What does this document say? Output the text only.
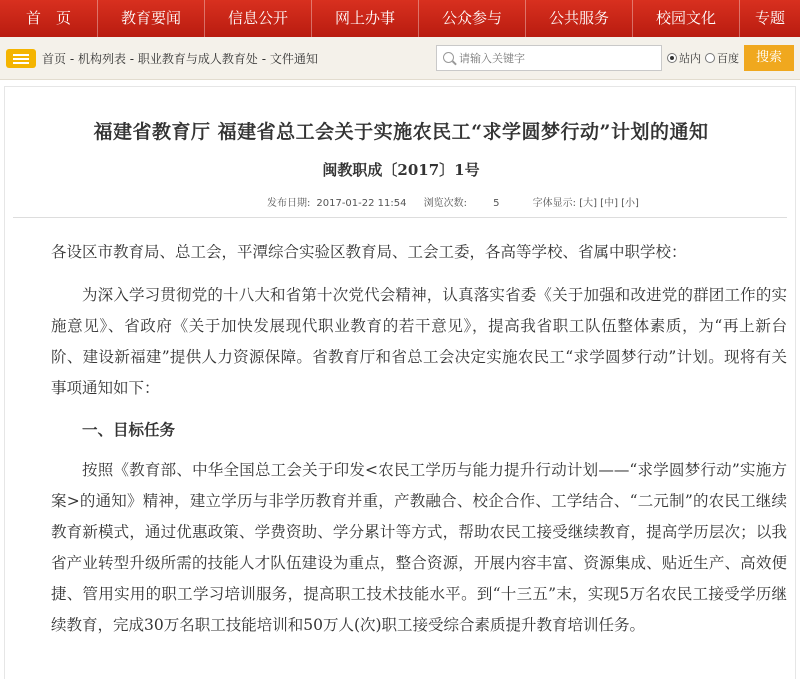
首　页	教育要闻	信息公开	网上办事	公众参与	公共服务	校园文化	专题
首页 - 机构列表 - 职业教育与成人教育处 - 文件通知
请输入关键字	站内 百度	搜索
福建省教育厅 福建省总工会关于实施农民工“求学圆梦行动”计划的通知
闽教职成〔2017〕1号
发布日期: 2017-01-22 11:54 浏览次数:	5	字体显示: [大] [中] [小]

各设区市教育局、总工会，平潭综合实验区教育局、工会工委，各高等学校、省属中职学校：

为深入学习贯彻党的十八大和省第十次党代会精神，认真落实省委《关于加强和改进党的群团工作的实施意见》、省政府《关于加快发展现代职业教育的若干意见》，提高我省职工队伍整体素质，为“再上新台阶、建设新福建”提供人力资源保障。省教育厅和省总工会决定实施农民工“求学圆梦行动”计划。现将有关事项通知如下：

一、目标任务

按照《教育部、中华全国总工会关于印发<农民工学历与能力提升行动计划——“求学圆梦行动”实施方案>的通知》精神，建立学历与非学历教育并重，产教融合、校企合作、工学结合、“二元制”的农民工继续教育新模式，通过优惠政策、学费资助、学分累计等方式，帮助农民工接受继续教育，提高学历层次；以我省产业转型升级所需的技能人才队伍建设为重点，整合资源，开展内容丰富、资源集成、贴近生产、高效便捷、管用实用的职工学习培训服务，提高职工技术技能水平。到“十三五”末，实现5万名农民工接受学历继续教育，完成30万名职工技能培训和50万人(次)职工接受综合素质提升教育培训任务。
